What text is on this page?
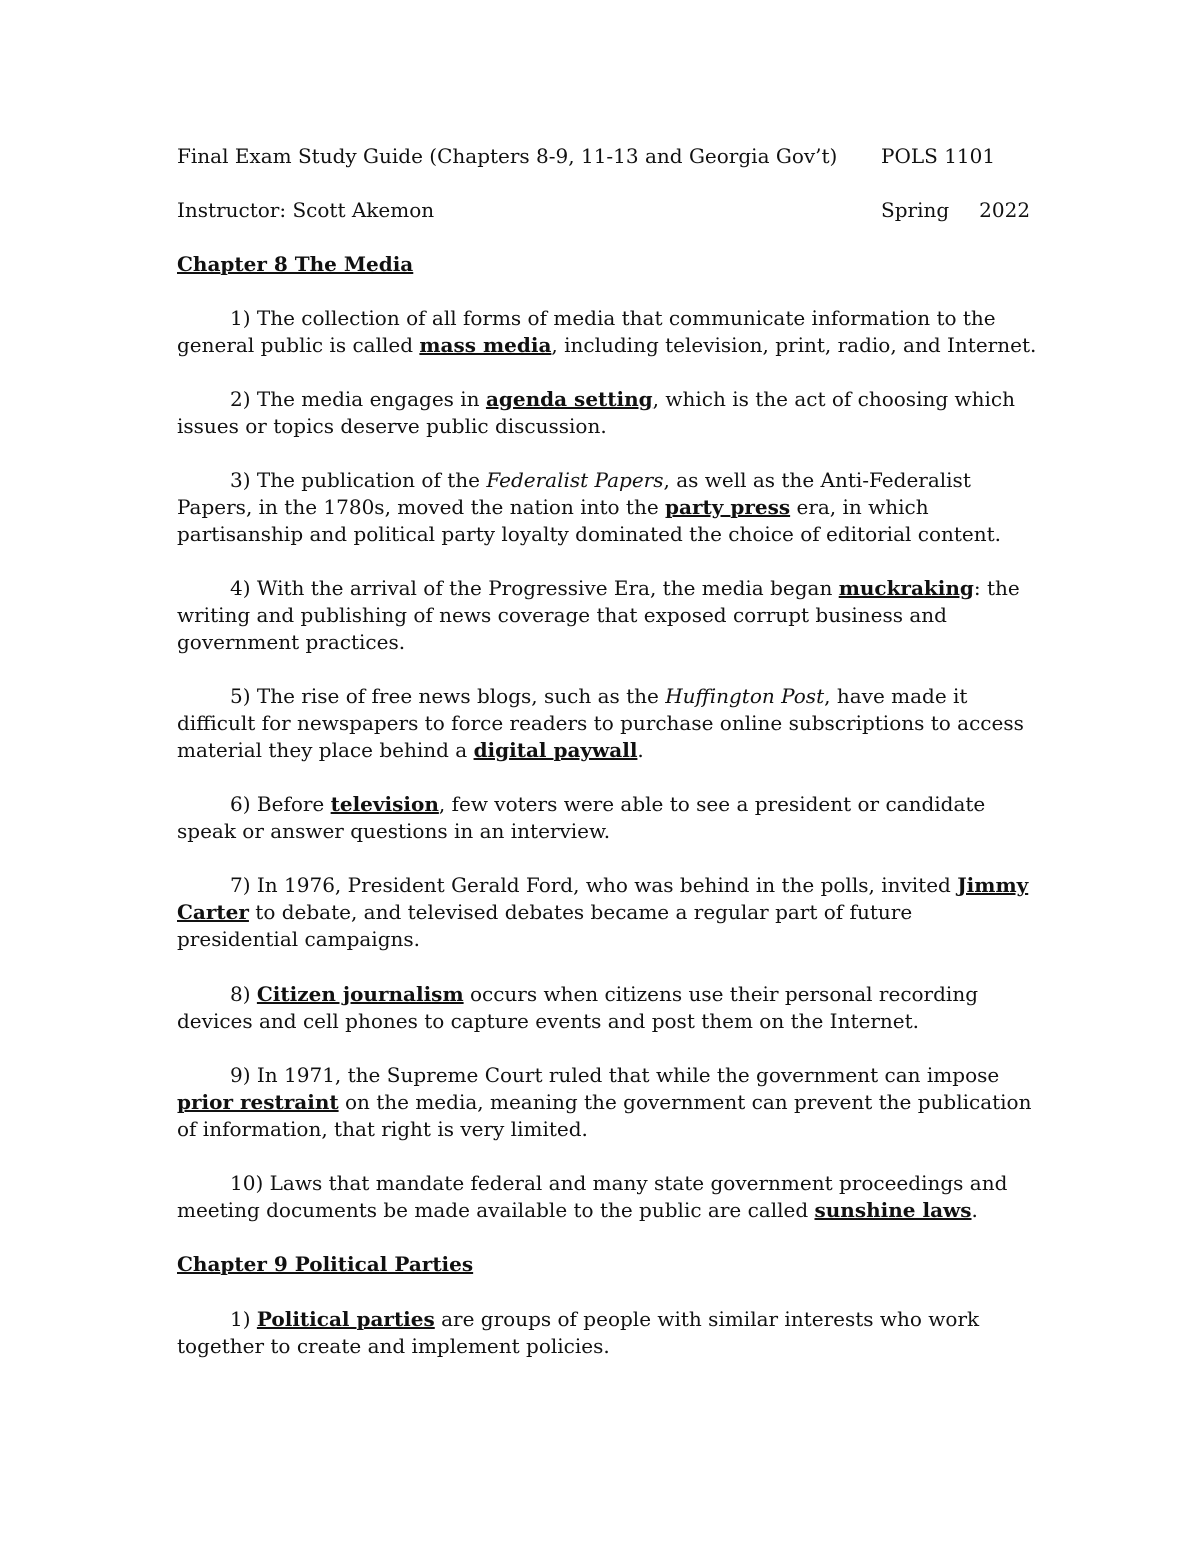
Final Exam Study Guide (Chapters 8-9, 11-13 and Georgia Gov’t) POLS 1101
Instructor: Scott Akemon	Spring 2022
Chapter 8 The Media
1) The collection of all forms of media that communicate information to the general public is called mass media, including television, print, radio, and Internet.
2) The media engages in agenda setting, which is the act of choosing which issues or topics deserve public discussion.
3) The publication of the Federalist Papers, as well as the Anti-Federalist Papers, in the 1780s, moved the nation into the party press era, in which partisanship and political party loyalty dominated the choice of editorial content.
4) With the arrival of the Progressive Era, the media began muckraking: the writing and publishing of news coverage that exposed corrupt business and government practices.
5) The rise of free news blogs, such as the Huffington Post, have made it difficult for newspapers to force readers to purchase online subscriptions to access material they place behind a digital paywall.
6) Before television, few voters were able to see a president or candidate speak or answer questions in an interview.
7) In 1976, President Gerald Ford, who was behind in the polls, invited Jimmy Carter to debate, and televised debates became a regular part of future presidential campaigns.
8) Citizen journalism occurs when citizens use their personal recording devices and cell phones to capture events and post them on the Internet.
9) In 1971, the Supreme Court ruled that while the government can impose prior restraint on the media, meaning the government can prevent the publication of information, that right is very limited.
10) Laws that mandate federal and many state government proceedings and meeting documents be made available to the public are called sunshine laws.
Chapter 9 Political Parties
1) Political parties are groups of people with similar interests who work together to create and implement policies.
